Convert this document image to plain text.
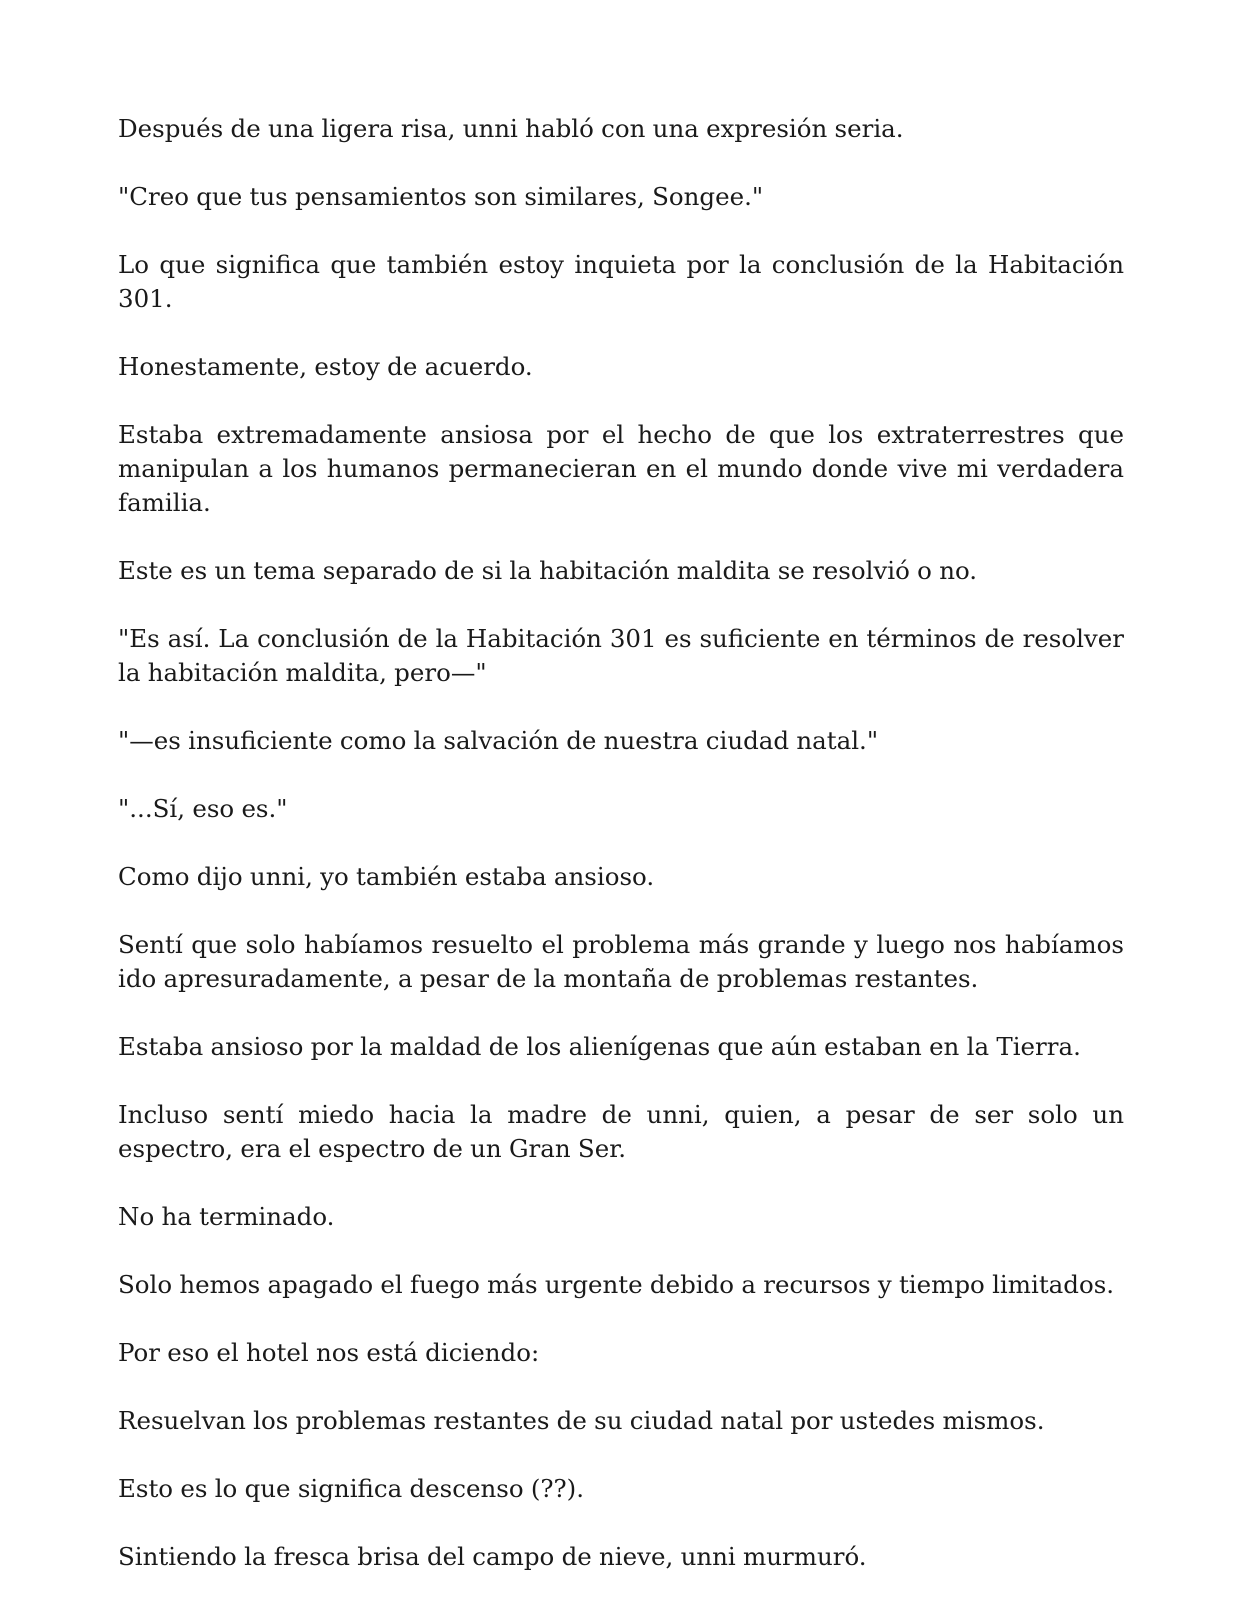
Después de una ligera risa, unni habló con una expresión seria.

"Creo que tus pensamientos son similares, Songee."

Lo que significa que también estoy inquieta por la conclusión de la Habitación 301.

Honestamente, estoy de acuerdo.

Estaba extremadamente ansiosa por el hecho de que los extraterrestres que manipulan a los humanos permanecieran en el mundo donde vive mi verdadera familia.

Este es un tema separado de si la habitación maldita se resolvió o no.

"Es así. La conclusión de la Habitación 301 es suficiente en términos de resolver la habitación maldita, pero—"

"—es insuficiente como la salvación de nuestra ciudad natal."

"...Sí, eso es."

Como dijo unni, yo también estaba ansioso.

Sentí que solo habíamos resuelto el problema más grande y luego nos habíamos ido apresuradamente, a pesar de la montaña de problemas restantes.

Estaba ansioso por la maldad de los alienígenas que aún estaban en la Tierra.

Incluso sentí miedo hacia la madre de unni, quien, a pesar de ser solo un espectro, era el espectro de un Gran Ser.

No ha terminado.

Solo hemos apagado el fuego más urgente debido a recursos y tiempo limitados.

Por eso el hotel nos está diciendo:

Resuelvan los problemas restantes de su ciudad natal por ustedes mismos.

Esto es lo que significa descenso (??).

Sintiendo la fresca brisa del campo de nieve, unni murmuró.
